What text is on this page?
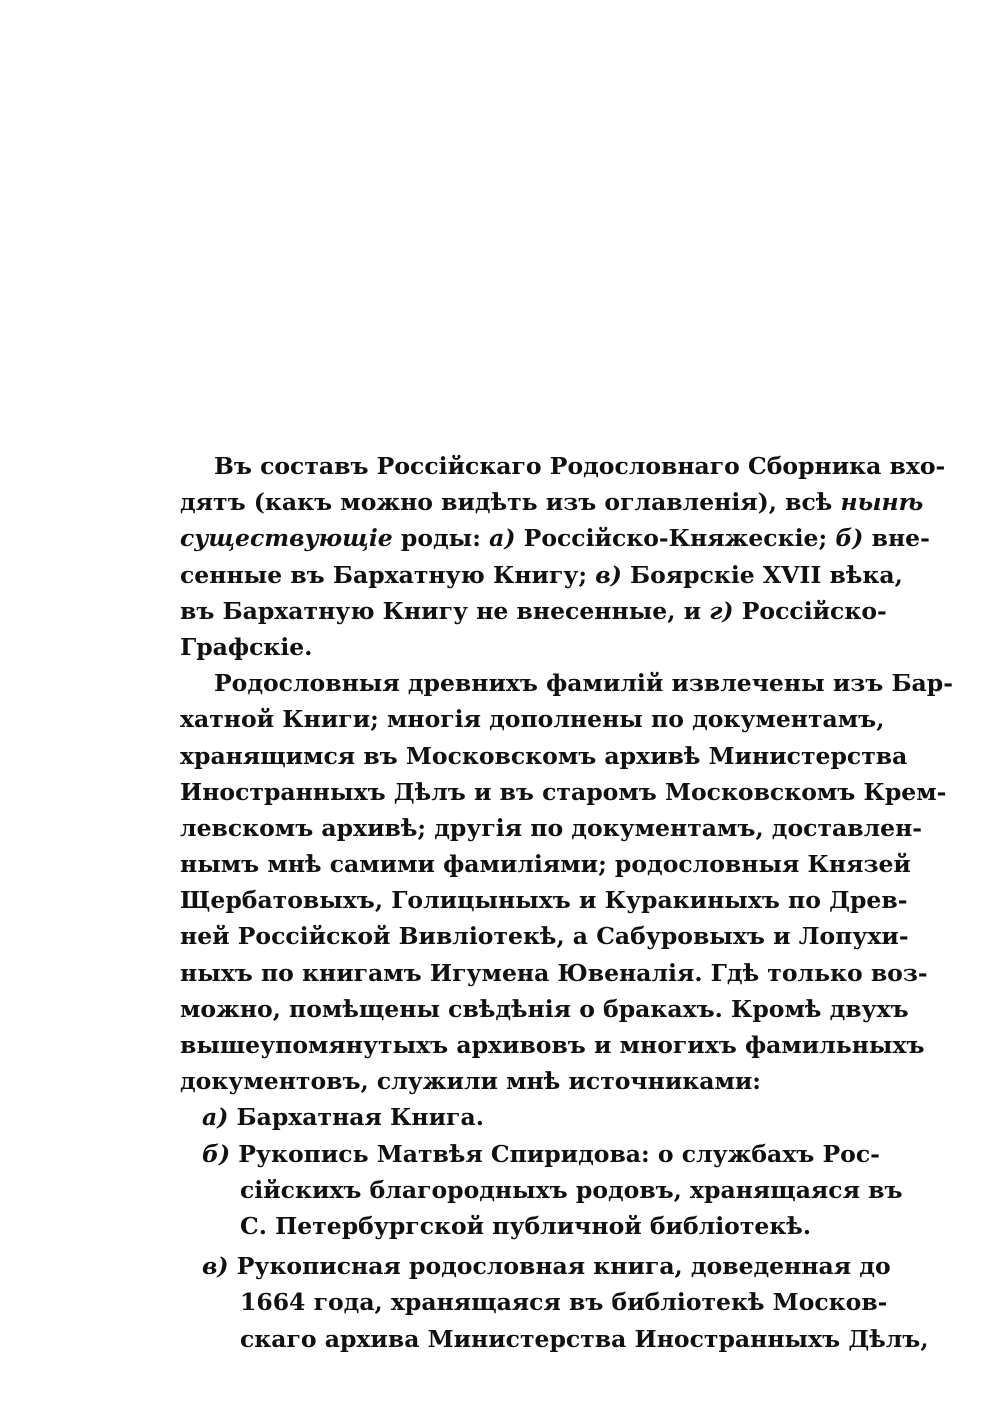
Въ составъ Россійскаго Родословнаго Сборника вхо-
дятъ (какъ можно видѣть изъ оглавленія), всѣ нынѣ
существующіе роды: а) Россійско-Княжескіе; б) вне-
сенные въ Бархатную Книгу; в) Боярскіе XVII вѣка,
въ Бархатную Книгу не внесенные, и г) Россійско-
Графскіе.
Родословныя древнихъ фамилій извлечены изъ Бар-
хатной Книги; многія дополнены по документамъ,
хранящимся въ Московскомъ архивѣ Министерства
Иностранныхъ Дѣлъ и въ старомъ Московскомъ Крем-
левскомъ архивѣ; другія по документамъ, доставлен-
нымъ мнѣ самими фамиліями; родословныя Князей
Щербатовыхъ, Голицыныхъ и Куракиныхъ по Древ-
ней Россійской Вивліотекѣ, а Сабуровыхъ и Лопухи-
ныхъ по книгамъ Игумена Ювеналія. Гдѣ только воз-
можно, помѣщены свѣдѣнія о бракахъ. Кромѣ двухъ
вышеупомянутыхъ архивовъ и многихъ фамильныхъ
документовъ, служили мнѣ источниками:
а) Бархатная Книга.
б) Рукопись Матвѣя Спиридова: о службахъ Рос-
сійскихъ благородныхъ родовъ, хранящаяся въ
С. Петербургской публичной библіотекѣ.
в) Рукописная родословная книга, доведенная до
1664 года, хранящаяся въ библіотекѣ Москов-
скаго архива Министерства Иностранныхъ Дѣлъ,
